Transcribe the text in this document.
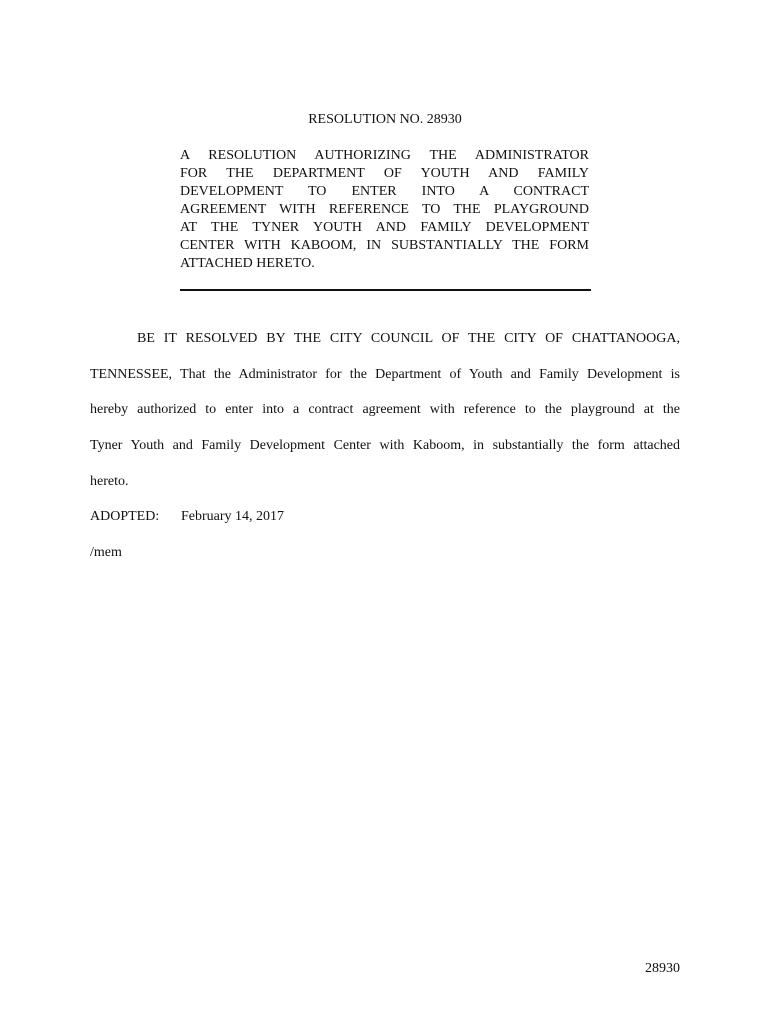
RESOLUTION NO. 28930
A RESOLUTION AUTHORIZING THE ADMINISTRATOR
FOR THE DEPARTMENT OF YOUTH AND FAMILY
DEVELOPMENT TO ENTER INTO A CONTRACT
AGREEMENT WITH REFERENCE TO THE PLAYGROUND
AT THE TYNER YOUTH AND FAMILY DEVELOPMENT
CENTER WITH KABOOM, IN SUBSTANTIALLY THE FORM
ATTACHED HERETO.
BE IT RESOLVED BY THE CITY COUNCIL OF THE CITY OF CHATTANOOGA,
TENNESSEE, That the Administrator for the Department of Youth and Family Development is
hereby authorized to enter into a contract agreement with reference to the playground at the
Tyner Youth and Family Development Center with Kaboom, in substantially the form attached
hereto.
ADOPTED: February 14, 2017
/mem
28930
